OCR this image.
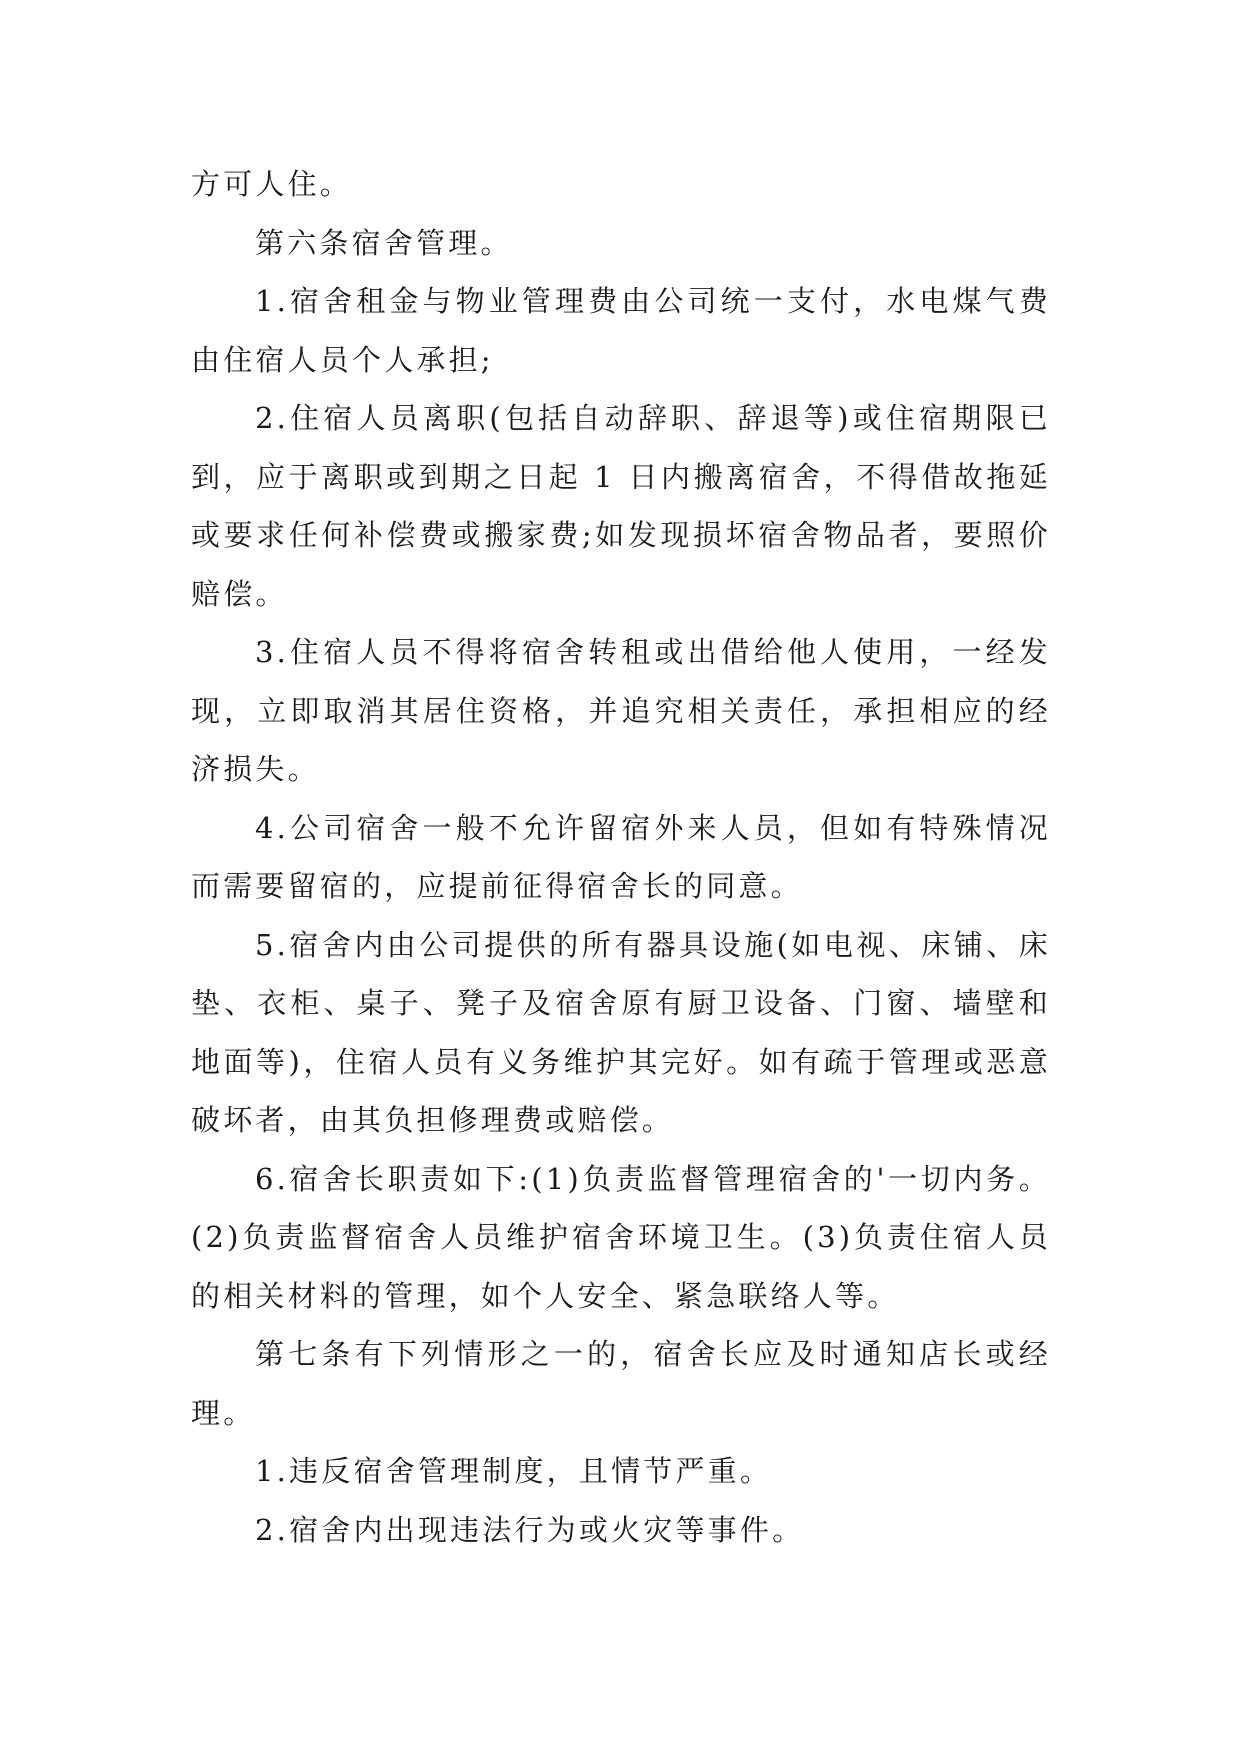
方可人住。

第六条宿舍管理。

1.宿舍租金与物业管理费由公司统一支付，水电煤气费由住宿人员个人承担;

2.住宿人员离职(包括自动辞职、辞退等)或住宿期限已到，应于离职或到期之日起 1 日内搬离宿舍，不得借故拖延或要求任何补偿费或搬家费;如发现损坏宿舍物品者，要照价赔偿。

3.住宿人员不得将宿舍转租或出借给他人使用，一经发现，立即取消其居住资格，并追究相关责任，承担相应的经济损失。

4.公司宿舍一般不允许留宿外来人员，但如有特殊情况而需要留宿的，应提前征得宿舍长的同意。

5.宿舍内由公司提供的所有器具设施(如电视、床铺、床垫、衣柜、桌子、凳子及宿舍原有厨卫设备、门窗、墙壁和地面等)，住宿人员有义务维护其完好。如有疏于管理或恶意破坏者，由其负担修理费或赔偿。

6.宿舍长职责如下:(1)负责监督管理宿舍的'一切内务。(2)负责监督宿舍人员维护宿舍环境卫生。(3)负责住宿人员的相关材料的管理，如个人安全、紧急联络人等。

第七条有下列情形之一的，宿舍长应及时通知店长或经理。

1.违反宿舍管理制度，且情节严重。

2.宿舍内出现违法行为或火灾等事件。
